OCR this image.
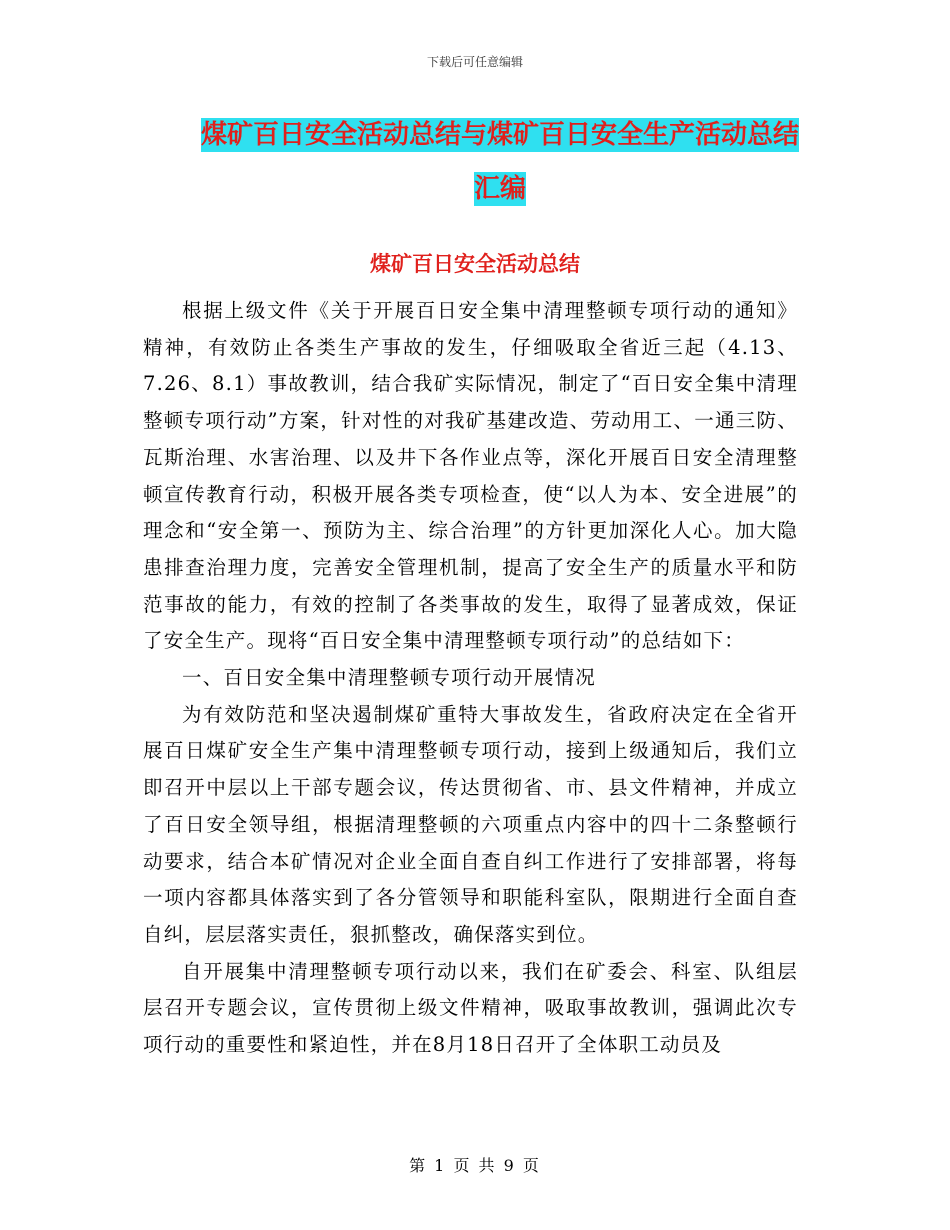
下载后可任意编辑
煤矿百日安全活动总结与煤矿百日安全生产活动总结
汇编
煤矿百日安全活动总结

根据上级文件《关于开展百日安全集中清理整顿专项行动的通知》精神，有效防止各类生产事故的发生，仔细吸取全省近三起（4.13、7.26、8.1）事故教训，结合我矿实际情况，制定了“百日安全集中清理整顿专项行动”方案，针对性的对我矿基建改造、劳动用工、一通三防、瓦斯治理、水害治理、以及井下各作业点等，深化开展百日安全清理整顿宣传教育行动，积极开展各类专项检查，使“以人为本、安全进展”的理念和“安全第一、预防为主、综合治理”的方针更加深化人心。加大隐患排查治理力度，完善安全管理机制，提高了安全生产的质量水平和防范事故的能力，有效的控制了各类事故的发生，取得了显著成效，保证了安全生产。现将“百日安全集中清理整顿专项行动”的总结如下：

一、百日安全集中清理整顿专项行动开展情况

为有效防范和坚决遏制煤矿重特大事故发生，省政府决定在全省开展百日煤矿安全生产集中清理整顿专项行动，接到上级通知后，我们立即召开中层以上干部专题会议，传达贯彻省、市、县文件精神，并成立了百日安全领导组，根据清理整顿的六项重点内容中的四十二条整顿行动要求，结合本矿情况对企业全面自查自纠工作进行了安排部署，将每一项内容都具体落实到了各分管领导和职能科室队，限期进行全面自查自纠，层层落实责任，狠抓整改，确保落实到位。

自开展集中清理整顿专项行动以来，我们在矿委会、科室、队组层层召开专题会议，宣传贯彻上级文件精神，吸取事故教训，强调此次专项行动的重要性和紧迫性，并在8月18日召开了全体职工动员及

第 1 页 共 9 页
